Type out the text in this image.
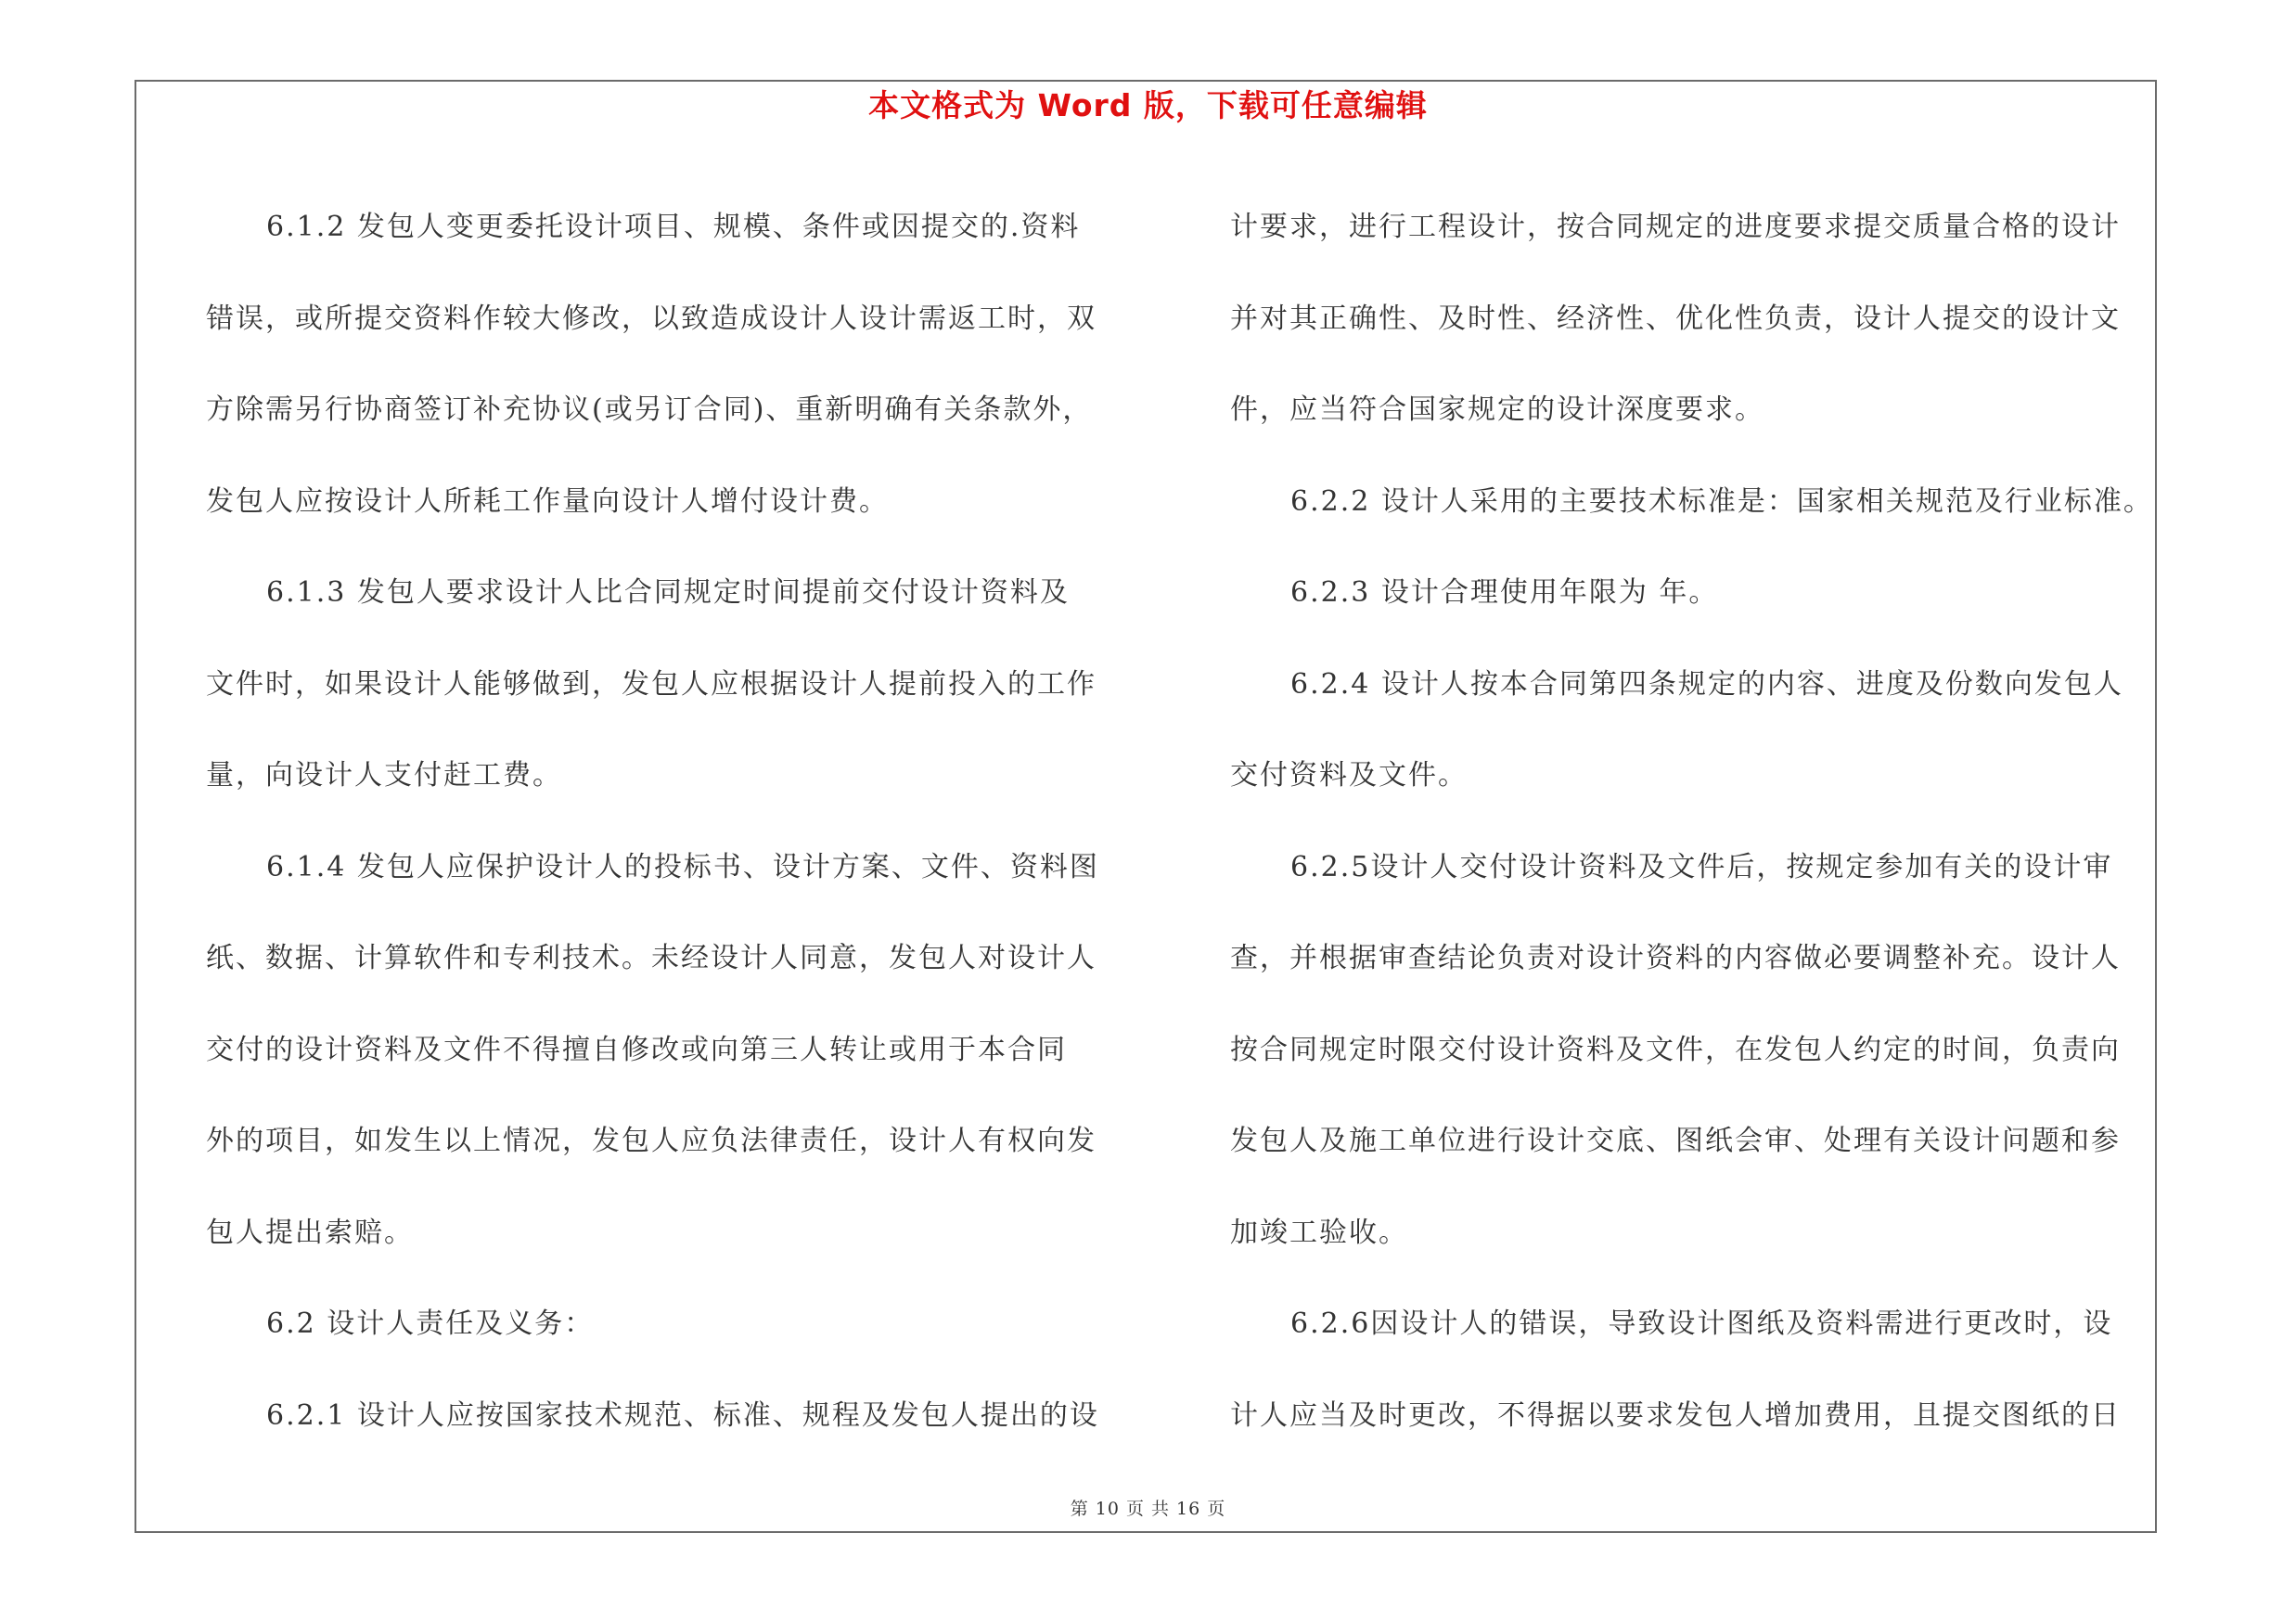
本文格式为 Word 版，下载可任意编辑
6.1.2 发包人变更委托设计项目、规模、条件或因提交的.资料
错误，或所提交资料作较大修改，以致造成设计人设计需返工时，双
方除需另行协商签订补充协议(或另订合同)、重新明确有关条款外，
发包人应按设计人所耗工作量向设计人增付设计费。
6.1.3 发包人要求设计人比合同规定时间提前交付设计资料及
文件时，如果设计人能够做到，发包人应根据设计人提前投入的工作
量，向设计人支付赶工费。
6.1.4 发包人应保护设计人的投标书、设计方案、文件、资料图
纸、数据、计算软件和专利技术。未经设计人同意，发包人对设计人
交付的设计资料及文件不得擅自修改或向第三人转让或用于本合同
外的项目，如发生以上情况，发包人应负法律责任，设计人有权向发
包人提出索赔。
6.2 设计人责任及义务：
6.2.1 设计人应按国家技术规范、标准、规程及发包人提出的设
计要求，进行工程设计，按合同规定的进度要求提交质量合格的设计
并对其正确性、及时性、经济性、优化性负责，设计人提交的设计文
件，应当符合国家规定的设计深度要求。
6.2.2 设计人采用的主要技术标准是：国家相关规范及行业标准。
6.2.3 设计合理使用年限为 年。
6.2.4 设计人按本合同第四条规定的内容、进度及份数向发包人
交付资料及文件。
6.2.5设计人交付设计资料及文件后，按规定参加有关的设计审
查，并根据审查结论负责对设计资料的内容做必要调整补充。设计人
按合同规定时限交付设计资料及文件，在发包人约定的时间，负责向
发包人及施工单位进行设计交底、图纸会审、处理有关设计问题和参
加竣工验收。
6.2.6因设计人的错误，导致设计图纸及资料需进行更改时，设
计人应当及时更改，不得据以要求发包人增加费用，且提交图纸的日
第 10 页 共 16 页
